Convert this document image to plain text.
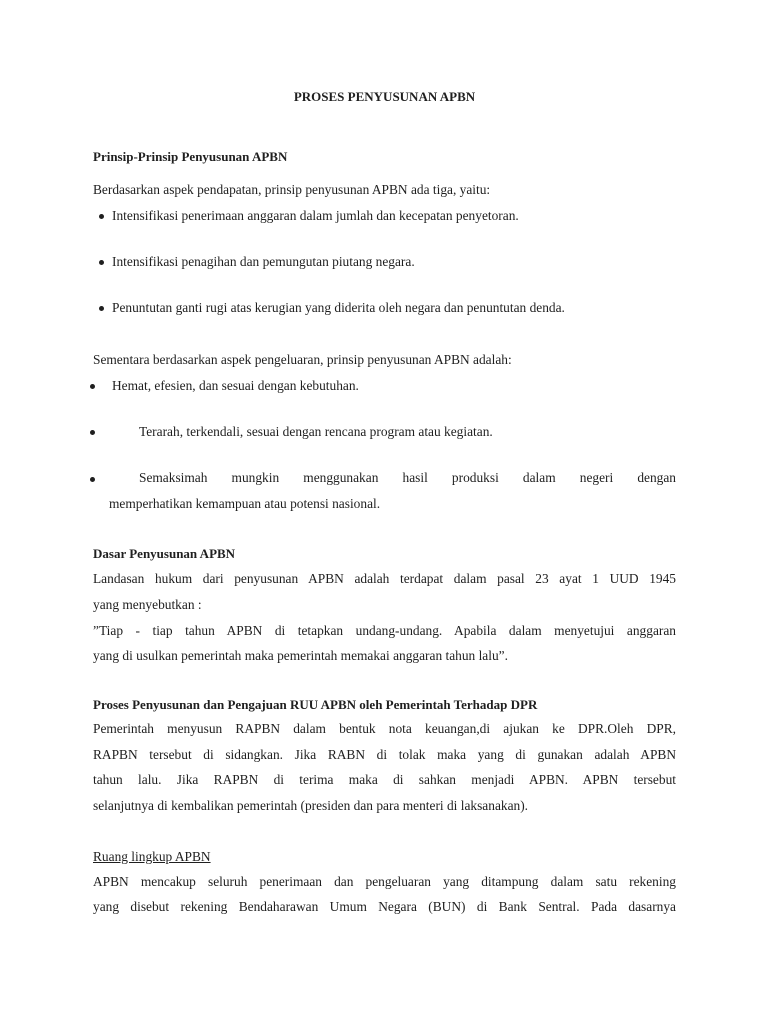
PROSES PENYUSUNAN APBN
Prinsip-Prinsip Penyusunan APBN
Berdasarkan aspek pendapatan, prinsip penyusunan APBN ada tiga, yaitu:
Intensifikasi penerimaan anggaran dalam jumlah dan kecepatan penyetoran.
Intensifikasi penagihan dan pemungutan piutang negara.
Penuntutan ganti rugi atas kerugian yang diderita oleh negara dan penuntutan denda.
Sementara berdasarkan aspek pengeluaran, prinsip penyusunan APBN adalah:
Hemat, efesien, dan sesuai dengan kebutuhan.
Terarah, terkendali, sesuai dengan rencana program atau kegiatan.
Semaksimah mungkin menggunakan hasil produksi dalam negeri dengan
memperhatikan kemampuan atau potensi nasional.
Dasar Penyusunan APBN
Landasan hukum dari penyusunan APBN adalah terdapat dalam pasal 23 ayat 1 UUD 1945
yang menyebutkan :
”Tiap - tiap tahun APBN di tetapkan undang-undang. Apabila dalam menyetujui anggaran
yang di usulkan pemerintah maka pemerintah memakai anggaran tahun lalu”.
Proses Penyusunan dan Pengajuan RUU APBN oleh Pemerintah Terhadap DPR
Pemerintah menyusun RAPBN dalam bentuk nota keuangan,di ajukan ke DPR.Oleh DPR,
RAPBN tersebut di sidangkan. Jika RABN di tolak maka yang di gunakan adalah APBN
tahun lalu. Jika RAPBN di terima maka di sahkan menjadi APBN. APBN tersebut
selanjutnya di kembalikan pemerintah (presiden dan para menteri di laksanakan).
Ruang lingkup APBN
APBN mencakup seluruh penerimaan dan pengeluaran yang ditampung dalam satu rekening
yang disebut rekening Bendaharawan Umum Negara (BUN) di Bank Sentral. Pada dasarnya
